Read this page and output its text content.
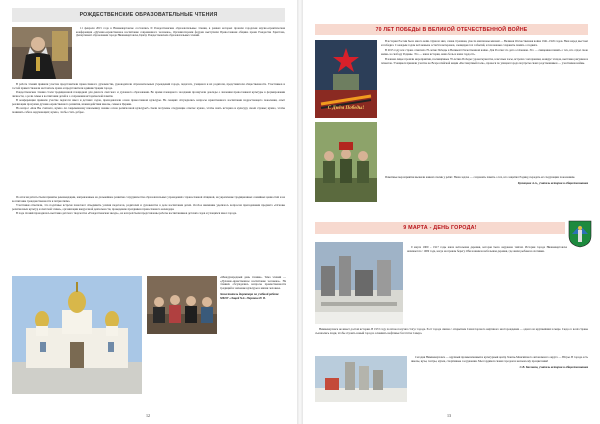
РОЖДЕСТВЕНСКИЕ ОБРАЗОВАТЕЛЬНЫЕ ЧТЕНИЯ

11 февраля 2015 года в Нижневартовске состоялись II Рождественские образовательные чтения, в рамках которых прошли городская научно-практическая конференция «Духовно-нравственное воспитание современного человека». Организаторами форума выступили Православная община храма Рождества Христова, Департамент образования города Нижневартовска, Центр Рождественских образовательных чтений.

В работе чтений приняли участие представители православного духовенства, руководители образовательных учреждений города, педагоги, учащиеся и их родители, представители общественности. Участников и гостей приветствовали настоятель храма и представители администрации города.

Рождественские чтения стали традиционной площадкой для диалога светского и духовного образования. Во время пленарного заседания прозвучали доклады о значении православной культуры в формировании личности, о роли семьи в воспитании детей и о сохранении исторической памяти.

В конференции приняли участие педагоги школ и детских садов, преподаватели основ православной культуры. На секциях обсуждались вопросы нравственного воспитания подрастающего поколения, опыт реализации программ духовно-нравственного развития, взаимодействия школы, семьи и Церкви.

На вопрос «Как Вы считаете, нужно ли современному школьнику знание основ религиозной культуры?» были получены следующие ответы: нужно, чтобы знать историю и культуру своей страны; нужно, чтобы понимать себя и окружающих; нужно, чтобы стать добрее.

По итогам работы были приняты рекомендации, направленные на дальнейшее развитие сотрудничества образовательных учреждений с православной общиной, на укрепление традиционных семейных ценностей и на воспитание гражданственности и патриотизма.

Участники отметили, что подобные встречи помогают объединить усилия педагогов, родителей и духовенства в деле воспитания детей. Особое внимание уделялось вопросам преподавания предмета «Основы религиозных культур и светской этики», организации внеурочной деятельности, проведению праздников православного календаря.

В ходе чтений проводилась выставка детского творчества «Рождественская звезда», на которой были представлены работы воспитанников детских садов и учащихся школ города.

«Международный день чтения». Тема чтений — «Духовно-нравственное воспитание человека». На чтениях обсуждались вопросы преемственности традиций и значение культуры в жизни человека.

Заместитель директора по учебной работе МБОУ «Лицей №2» Пермина Н. В.

12
70 ЛЕТ ПОБЕДЫ В ВЕЛИКОЙ ОТЕЧЕСТВЕННОЙ ВОЙНЕ
С Днём Победы!

В истории России было много войн. Одна из них, самая страшная, унесла миллионы жизней — Великая Отечественная война 1941–1945 годов. Наш народ выстоял и победил. С каждым годом всё меньше остаётся ветеранов, очевидцев тех событий, и тем важнее сохранить память о подвиге.

В 2015 году вся страна отметила 70-летие Победы в Великой Отечественной войне. Для России это дата особенная. Это — священная память о тех, кто отдал свою жизнь за свободу Родины. Это — наша история, наша боль и наша гордость.

В нашем лицее прошли мероприятия, посвящённые 70-летию Победы: уроки мужества, классные часы, встречи с ветеранами, конкурс чтецов, выставка рисунков и плакатов. Учащиеся приняли участие во Всероссийской акции «Бессмертный полк», пронеся по улицам города портреты своих родственников — участников войны.

Памятные мероприятия вызвали живой отклик у ребят. Наша задача — сохранить память о тех, кто защитил Родину, передать её следующим поколениям.

Кузнецова А.А., учитель истории и обществознания

9 МАРТА - ДЕНЬ ГОРОДА!

9 марта 1909 – 1917 годы жила небольшая деревня, которая была окружена тайгой. История города Нижневартовска начинается с 1909 года, когда на правом берегу Оби возникла небольшая деревня, где жили рыбаки и охотники.

Нижневартовск не имеет долгой истории. В 1972 году посёлок получил статус города. Рост города связан с открытием Самотлорского нефтяного месторождения — одного из крупнейших в мире. Сюда со всей страны съезжались люди, чтобы строить новый город и осваивать нефтяные богатства Севера.

Сегодня Нижневартовск — крупный промышленный и культурный центр Ханты-Мансийского автономного округа — Югры. В городе есть школы, вузы, театры, музеи, спортивные сооружения. Мы гордимся своим городом и желаем ему процветания!

С.В. Баглаева, учитель истории и обществознания

13
